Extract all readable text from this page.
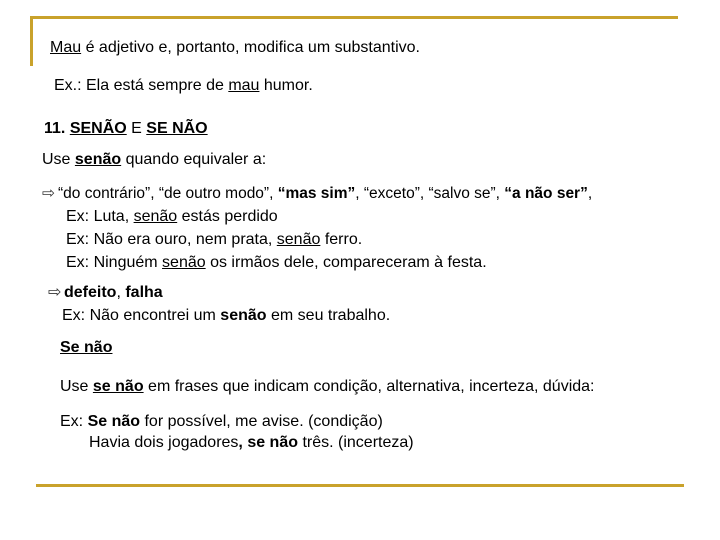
Mau é adjetivo e, portanto, modifica um substantivo.
Ex.: Ela está sempre de mau humor.
11. SENÃO E SE NÃO
Use senão quando equivaler a:
⇨ “do contrário”, “de outro modo”, “mas sim”, “exceto”, “salvo se”, “a não ser”,
Ex: Luta, senão estás perdido
Ex: Não era ouro, nem prata, senão ferro.
Ex: Ninguém senão os irmãos dele, compareceram à festa.
⇨ defeito, falha
Ex: Não encontrei um senão em seu trabalho.
Se não
Use se não em frases que indicam condição, alternativa, incerteza, dúvida:
Ex: Se não for possível, me avise. (condição)
Havia dois jogadores, se não três. (incerteza)
